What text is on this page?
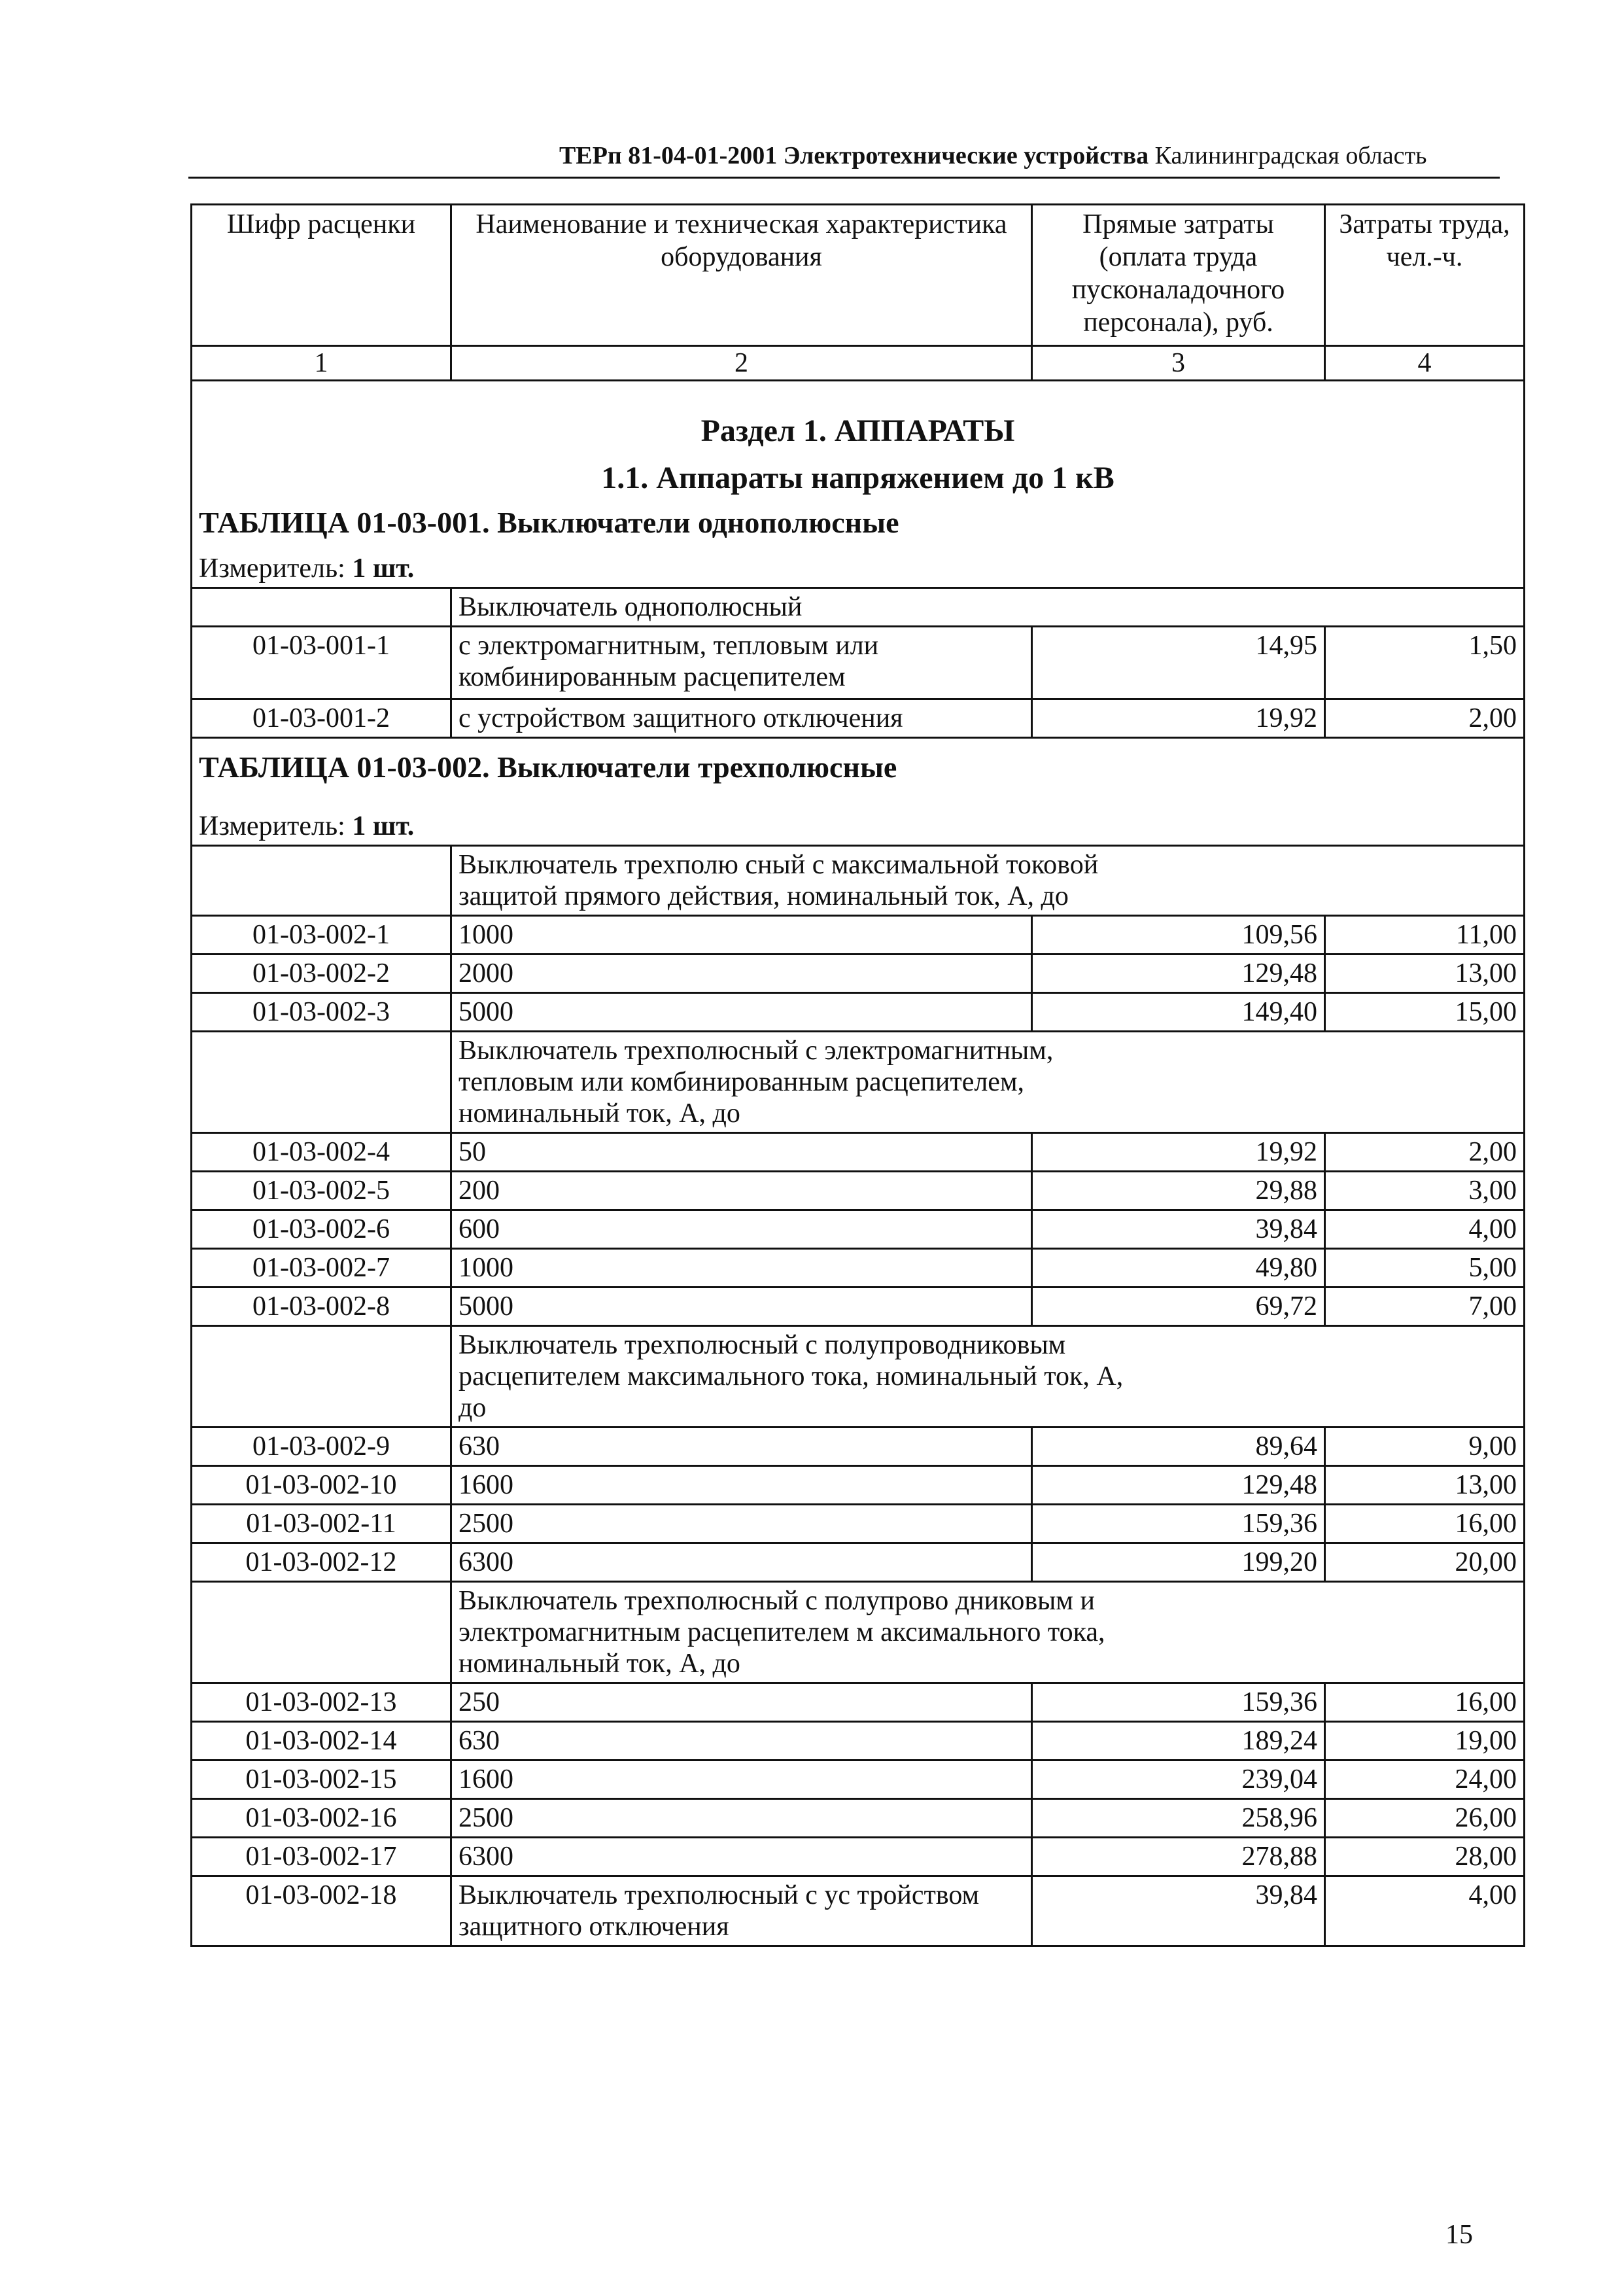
ТЕРп 81-04-01-2001 Электротехнические устройства Калининградская область
Шифр расценки	Наименование и техническая характеристика оборудования	Прямые затраты (оплата труда пусконаладочного персонала), руб.	Затраты труда, чел.-ч.
1	2	3	4
Раздел 1. АППАРАТЫ			
1.1. Аппараты напряжением до 1 кВ			
ТАБЛИЦА 01-03-001. Выключатели однополюсные			
Измеритель: 1 шт.			
	Выключатель однополюсный		
01-03-001-1	с электромагнитным, тепловым или комбинированным расцепителем	14,95	1,50
01-03-001-2	с устройством защитного отключения	19,92	2,00
ТАБЛИЦА 01-03-002. Выключатели трехполюсные			
Измеритель: 1 шт.			
	Выключатель трехполю сный с максимальной токовой защитой прямого действия, номинальный ток, А, до		
01-03-002-1	1000	109,56	11,00
01-03-002-2	2000	129,48	13,00
01-03-002-3	5000	149,40	15,00
	Выключатель трехполюсный с электромагнитным, тепловым или комбинированным расцепителем, номинальный ток, А, до		
01-03-002-4	50	19,92	2,00
01-03-002-5	200	29,88	3,00
01-03-002-6	600	39,84	4,00
01-03-002-7	1000	49,80	5,00
01-03-002-8	5000	69,72	7,00
	Выключатель трехполюсный с полупроводниковым расцепителем максимального тока, номинальный ток, А, до		
01-03-002-9	630	89,64	9,00
01-03-002-10	1600	129,48	13,00
01-03-002-11	2500	159,36	16,00
01-03-002-12	6300	199,20	20,00
	Выключатель трехполюсный с полупрово дниковым и электромагнитным расцепителем м аксимального тока, номинальный ток, А, до		
01-03-002-13	250	159,36	16,00
01-03-002-14	630	189,24	19,00
01-03-002-15	1600	239,04	24,00
01-03-002-16	2500	258,96	26,00
01-03-002-17	6300	278,88	28,00
01-03-002-18	Выключатель трехполюсный с ус тройством защитного отключения	39,84	4,00
15
